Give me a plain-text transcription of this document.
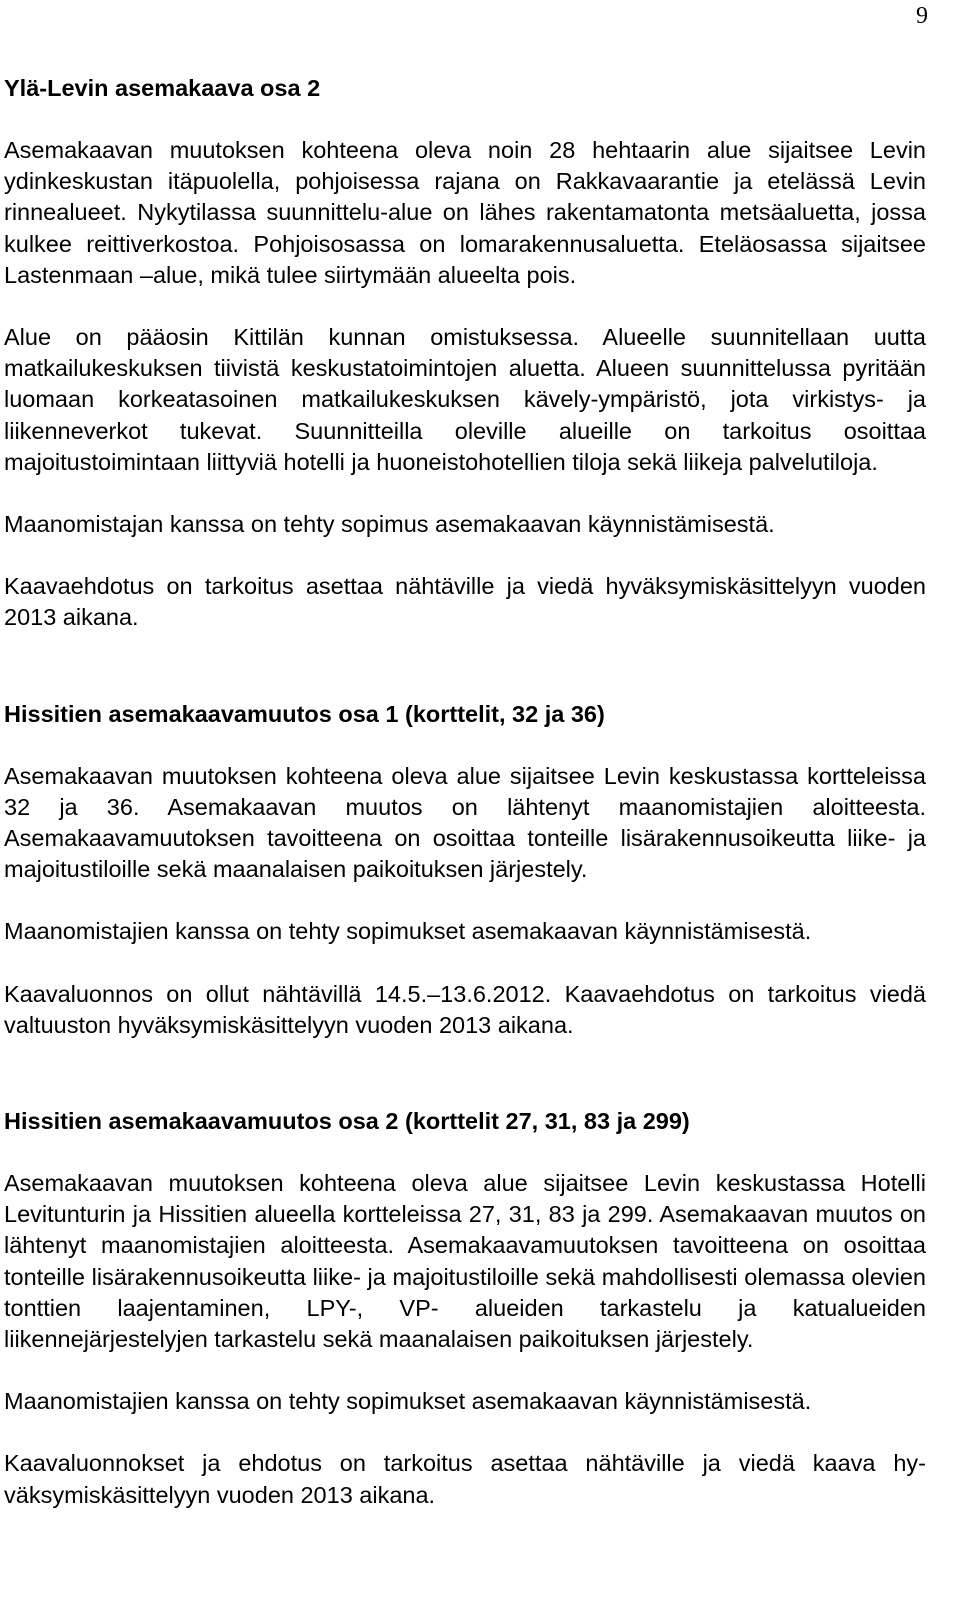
9
Ylä-Levin asemakaava osa 2

Asemakaavan muutoksen kohteena oleva noin 28 hehtaarin alue sijaitsee Levin ydinkeskustan itäpuolella, pohjoisessa rajana on Rakkavaarantie ja etelässä Levin rinnealueet. Nykytilassa suunnittelu-alue on lähes rakentamatonta metsäaluetta, jossa kulkee reittiverkostoa. Pohjoisosassa on lomarakennusaluetta. Eteläosassa sijaitsee Lastenmaan –alue, mikä tulee siirtymään alueelta pois.

Alue on pääosin Kittilän kunnan omistuksessa. Alueelle suunnitellaan uutta matkailukeskuksen tiivistä keskustatoimintojen aluetta. Alueen suunnittelussa pyritään luomaan korkeatasoinen matkailukeskuksen kävely-ympäristö, jota virkistys- ja liikenneverkot tukevat. Suunnitteilla oleville alueille on tarkoitus osoittaa majoitustoimintaan liittyviä hotelli ja huoneistohotellien tiloja sekä liikeja palvelutiloja.

Maanomistajan kanssa on tehty sopimus asemakaavan käynnistämisestä.

Kaavaehdotus on tarkoitus asettaa nähtäville ja viedä hyväksymiskäsittelyyn vuoden 2013 aikana.

Hissitien asemakaavamuutos osa 1 (korttelit, 32 ja 36)

Asemakaavan muutoksen kohteena oleva alue sijaitsee Levin keskustassa kortteleissa 32 ja 36. Asemakaavan muutos on lähtenyt maanomistajien aloitteesta. Asemakaavamuutoksen tavoitteena on osoittaa tonteille lisärakennusoikeutta liike- ja majoitustiloille sekä maanalaisen paikoituksen järjestely.

Maanomistajien kanssa on tehty sopimukset asemakaavan käynnistämisestä.

Kaavaluonnos on ollut nähtävillä 14.5.–13.6.2012. Kaavaehdotus on tarkoitus viedä valtuuston hyväksymiskäsittelyyn vuoden 2013 aikana.

Hissitien asemakaavamuutos osa 2 (korttelit 27, 31, 83 ja 299)

Asemakaavan muutoksen kohteena oleva alue sijaitsee Levin keskustassa Hotelli Levitunturin ja Hissitien alueella kortteleissa 27, 31, 83 ja 299. Asemakaavan muutos on lähtenyt maanomistajien aloitteesta. Asemakaavamuutoksen tavoitteena on osoittaa tonteille lisärakennusoikeutta liike- ja majoitustiloille sekä mahdollisesti olemassa olevien tonttien laajentaminen, LPY-, VP- alueiden tarkastelu ja katualueiden liikennejärjestelyjen tarkastelu sekä maanalaisen paikoituksen järjestely.

Maanomistajien kanssa on tehty sopimukset asemakaavan käynnistämisestä.

Kaavaluonnokset ja ehdotus on tarkoitus asettaa nähtäville ja viedä kaava hyväksymiskäsittelyyn vuoden 2013 aikana.
